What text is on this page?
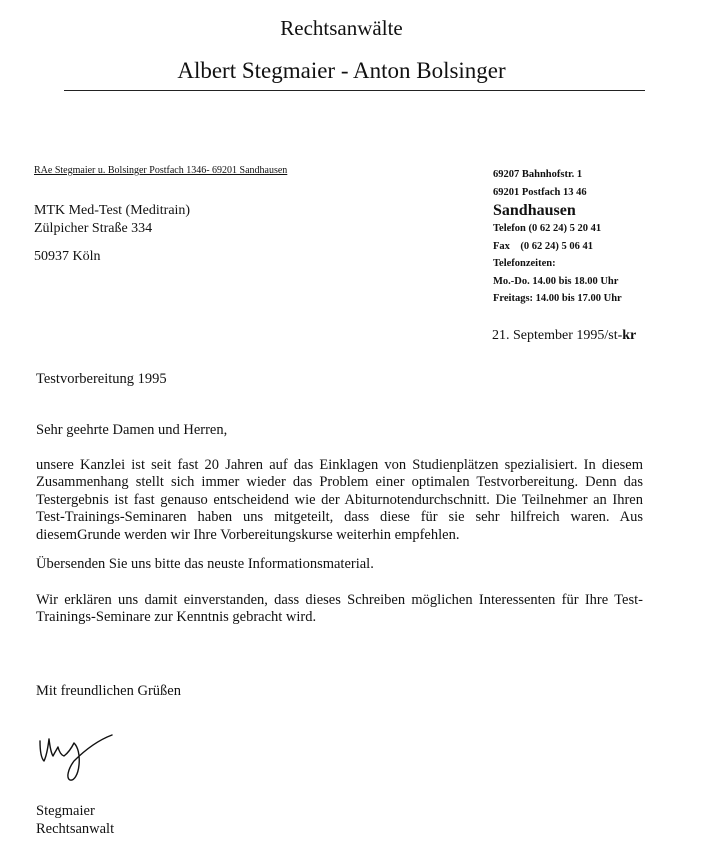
Rechtsanwälte
Albert Stegmaier - Anton Bolsinger
RAe Stegmaier u. Bolsinger Postfach 1346- 69201 Sandhausen
MTK Med-Test (Meditrain)
Zülpicher Straße 334
50937 Köln
69207 Bahnhofstr. 1
69201 Postfach 13 46
Sandhausen
Telefon (0 62 24) 5 20 41
Fax    (0 62 24) 5 06 41
Telefonzeiten:
Mo.-Do. 14.00 bis 18.00 Uhr
Freitags: 14.00 bis 17.00 Uhr
21. September 1995/st-kr
Testvorbereitung 1995
Sehr geehrte Damen und Herren,
unsere Kanzlei ist seit fast 20 Jahren auf das Einklagen von Studienplätzen spezialisiert. In diesem Zusammenhang stellt sich immer wieder das Problem einer optimalen Testvorbereitung. Denn das Testergebnis ist fast genauso entscheidend wie der Abiturnotendurchschnitt. Die Teilnehmer an Ihren Test-Trainings-Seminaren haben uns mitgeteilt, dass diese für sie sehr hilfreich waren. Aus diesemGrunde werden wir Ihre Vorbereitungskurse weiterhin empfehlen.
Übersenden Sie uns bitte das neuste Informationsmaterial.
Wir erklären uns damit einverstanden, dass dieses Schreiben möglichen Interessenten für Ihre Test-Trainings-Seminare zur Kenntnis gebracht wird.
Mit freundlichen Grüßen
Stegmaier
Rechtsanwalt
